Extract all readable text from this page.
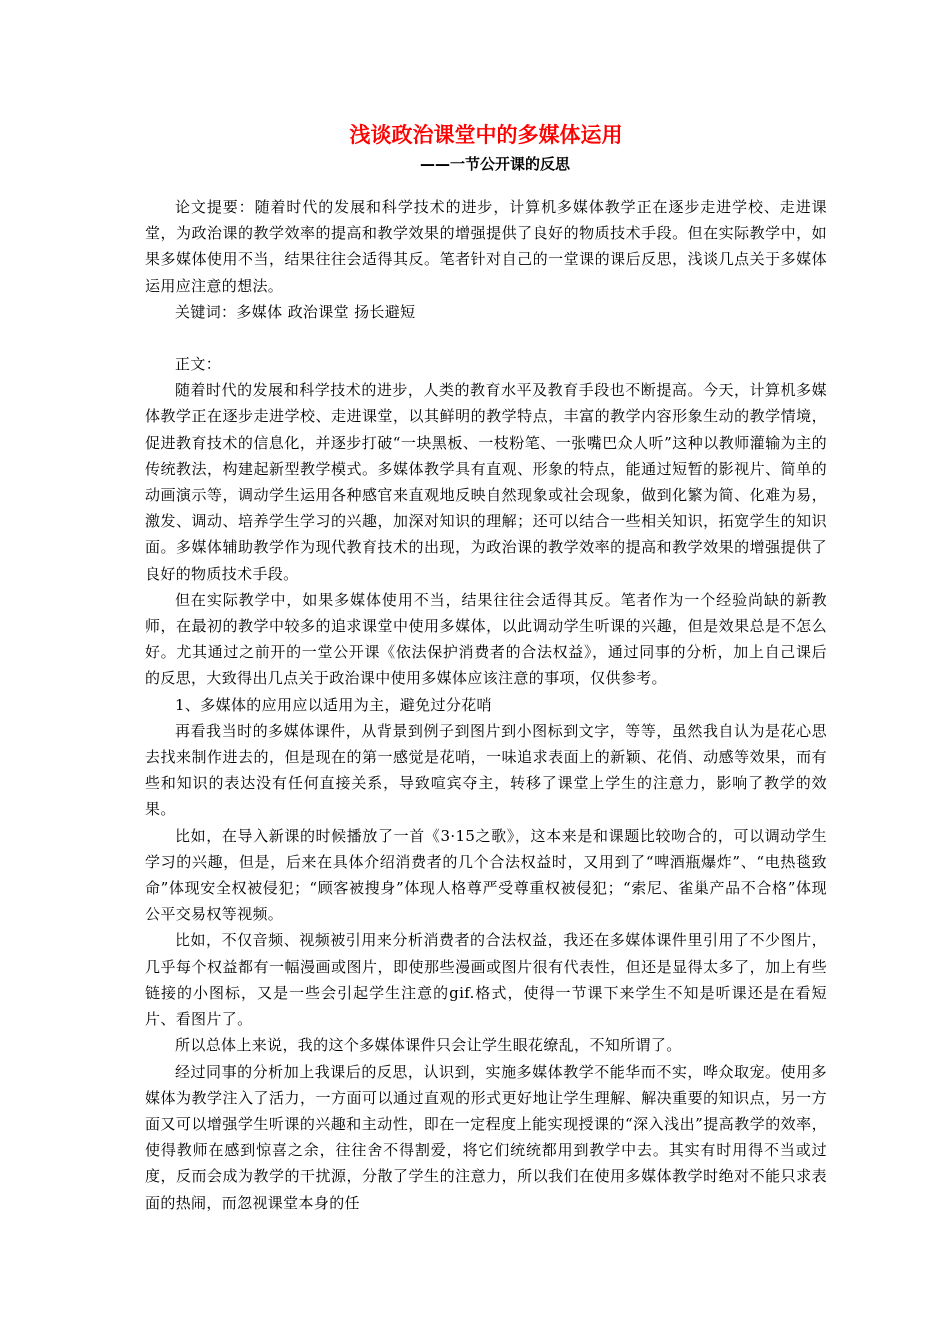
浅谈政治课堂中的多媒体运用
——一节公开课的反思

论文提要：随着时代的发展和科学技术的进步，计算机多媒体教学正在逐步走进学校、走进课堂，为政治课的教学效率的提高和教学效果的增强提供了良好的物质技术手段。但在实际教学中，如果多媒体使用不当，结果往往会适得其反。笔者针对自己的一堂课的课后反思，浅谈几点关于多媒体运用应注意的想法。

关键词：多媒体 政治课堂 扬长避短

正文：

随着时代的发展和科学技术的进步，人类的教育水平及教育手段也不断提高。今天，计算机多媒体教学正在逐步走进学校、走进课堂，以其鲜明的教学特点，丰富的教学内容形象生动的教学情境，促进教育技术的信息化，并逐步打破“一块黑板、一枝粉笔、一张嘴巴众人听”这种以教师灌输为主的传统教法，构建起新型教学模式。多媒体教学具有直观、形象的特点，能通过短暂的影视片、简单的动画演示等，调动学生运用各种感官来直观地反映自然现象或社会现象，做到化繁为简、化难为易，激发、调动、培养学生学习的兴趣，加深对知识的理解；还可以结合一些相关知识，拓宽学生的知识面。多媒体辅助教学作为现代教育技术的出现，为政治课的教学效率的提高和教学效果的增强提供了良好的物质技术手段。

但在实际教学中，如果多媒体使用不当，结果往往会适得其反。笔者作为一个经验尚缺的新教师，在最初的教学中较多的追求课堂中使用多媒体，以此调动学生听课的兴趣，但是效果总是不怎么好。尤其通过之前开的一堂公开课《依法保护消费者的合法权益》，通过同事的分析，加上自己课后的反思，大致得出几点关于政治课中使用多媒体应该注意的事项，仅供参考。

1、多媒体的应用应以适用为主，避免过分花哨

再看我当时的多媒体课件，从背景到例子到图片到小图标到文字，等等，虽然我自认为是花心思去找来制作进去的，但是现在的第一感觉是花哨，一味追求表面上的新颖、花俏、动感等效果，而有些和知识的表达没有任何直接关系，导致喧宾夺主，转移了课堂上学生的注意力，影响了教学的效果。

比如，在导入新课的时候播放了一首《3·15之歌》，这本来是和课题比较吻合的，可以调动学生学习的兴趣，但是，后来在具体介绍消费者的几个合法权益时，又用到了“啤酒瓶爆炸”、“电热毯致命”体现安全权被侵犯；“顾客被搜身”体现人格尊严受尊重权被侵犯；“索尼、雀巢产品不合格”体现公平交易权等视频。

比如，不仅音频、视频被引用来分析消费者的合法权益，我还在多媒体课件里引用了不少图片，几乎每个权益都有一幅漫画或图片，即使那些漫画或图片很有代表性，但还是显得太多了，加上有些链接的小图标，又是一些会引起学生注意的gif.格式，使得一节课下来学生不知是听课还是在看短片、看图片了。

所以总体上来说，我的这个多媒体课件只会让学生眼花缭乱，不知所谓了。

经过同事的分析加上我课后的反思，认识到，实施多媒体教学不能华而不实，哗众取宠。使用多媒体为教学注入了活力，一方面可以通过直观的形式更好地让学生理解、解决重要的知识点，另一方面又可以增强学生听课的兴趣和主动性，即在一定程度上能实现授课的“深入浅出”提高教学的效率，使得教师在感到惊喜之余，往往舍不得割爱，将它们统统都用到教学中去。其实有时用得不当或过度，反而会成为教学的干扰源，分散了学生的注意力，所以我们在使用多媒体教学时绝对不能只求表面的热闹，而忽视课堂本身的任
